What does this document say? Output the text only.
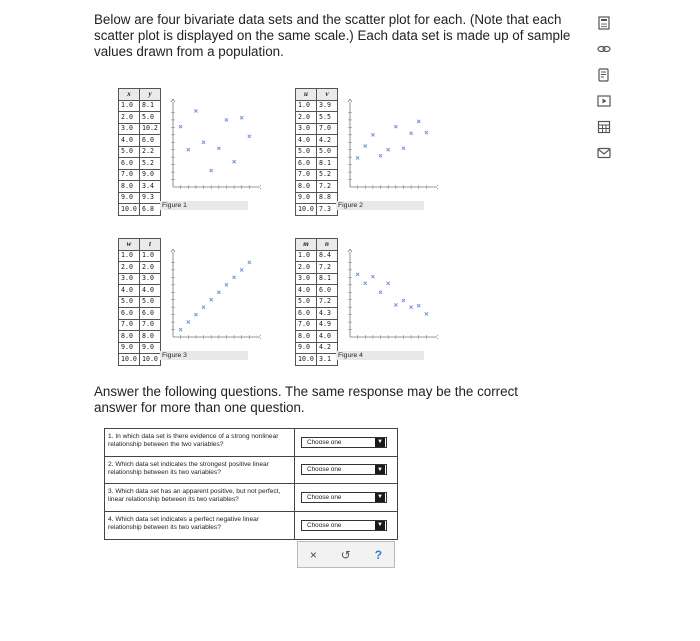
Below are four bivariate data sets and the scatter plot for each. (Note that each scatter plot is displayed on the same scale.) Each data set is made up of sample values drawn from a population.
x	y
1.0	8.1
2.0	5.0
3.0	10.2
4.0	6.0
5.0	2.2
6.0	5.2
7.0	9.0
8.0	3.4
9.0	9.3
10.0	6.8 Figure 1
u	v
1.0	3.9
2.0	5.5
3.0	7.0
4.0	4.2
5.0	5.0
6.0	8.1
7.0	5.2
8.0	7.2
9.0	8.8
10.0	7.3 Figure 2
w	t
1.0	1.0
2.0	2.0
3.0	3.0
4.0	4.0
5.0	5.0
6.0	6.0
7.0	7.0
8.0	8.0
9.0	9.0
10.0	10.0 Figure 3
m	n
1.0	8.4
2.0	7.2
3.0	8.1
4.0	6.0
5.0	7.2
6.0	4.3
7.0	4.9
8.0	4.0
9.0	4.2
10.0	3.1 Figure 4
Answer the following questions. The same response may be the correct answer for more than one question.
1. In which data set is there evidence of a strong nonlinear relationship between the two variables?	Choose one	▼
2. Which data set indicates the strongest positive linear relationship between its two variables?	Choose one	▼
3. Which data set has an apparent positive, but not perfect, linear relationship between its two variables?	Choose one	▼
4. Which data set indicates a perfect negative linear relationship between its two variables?	Choose one	▼
× ↺ ?
